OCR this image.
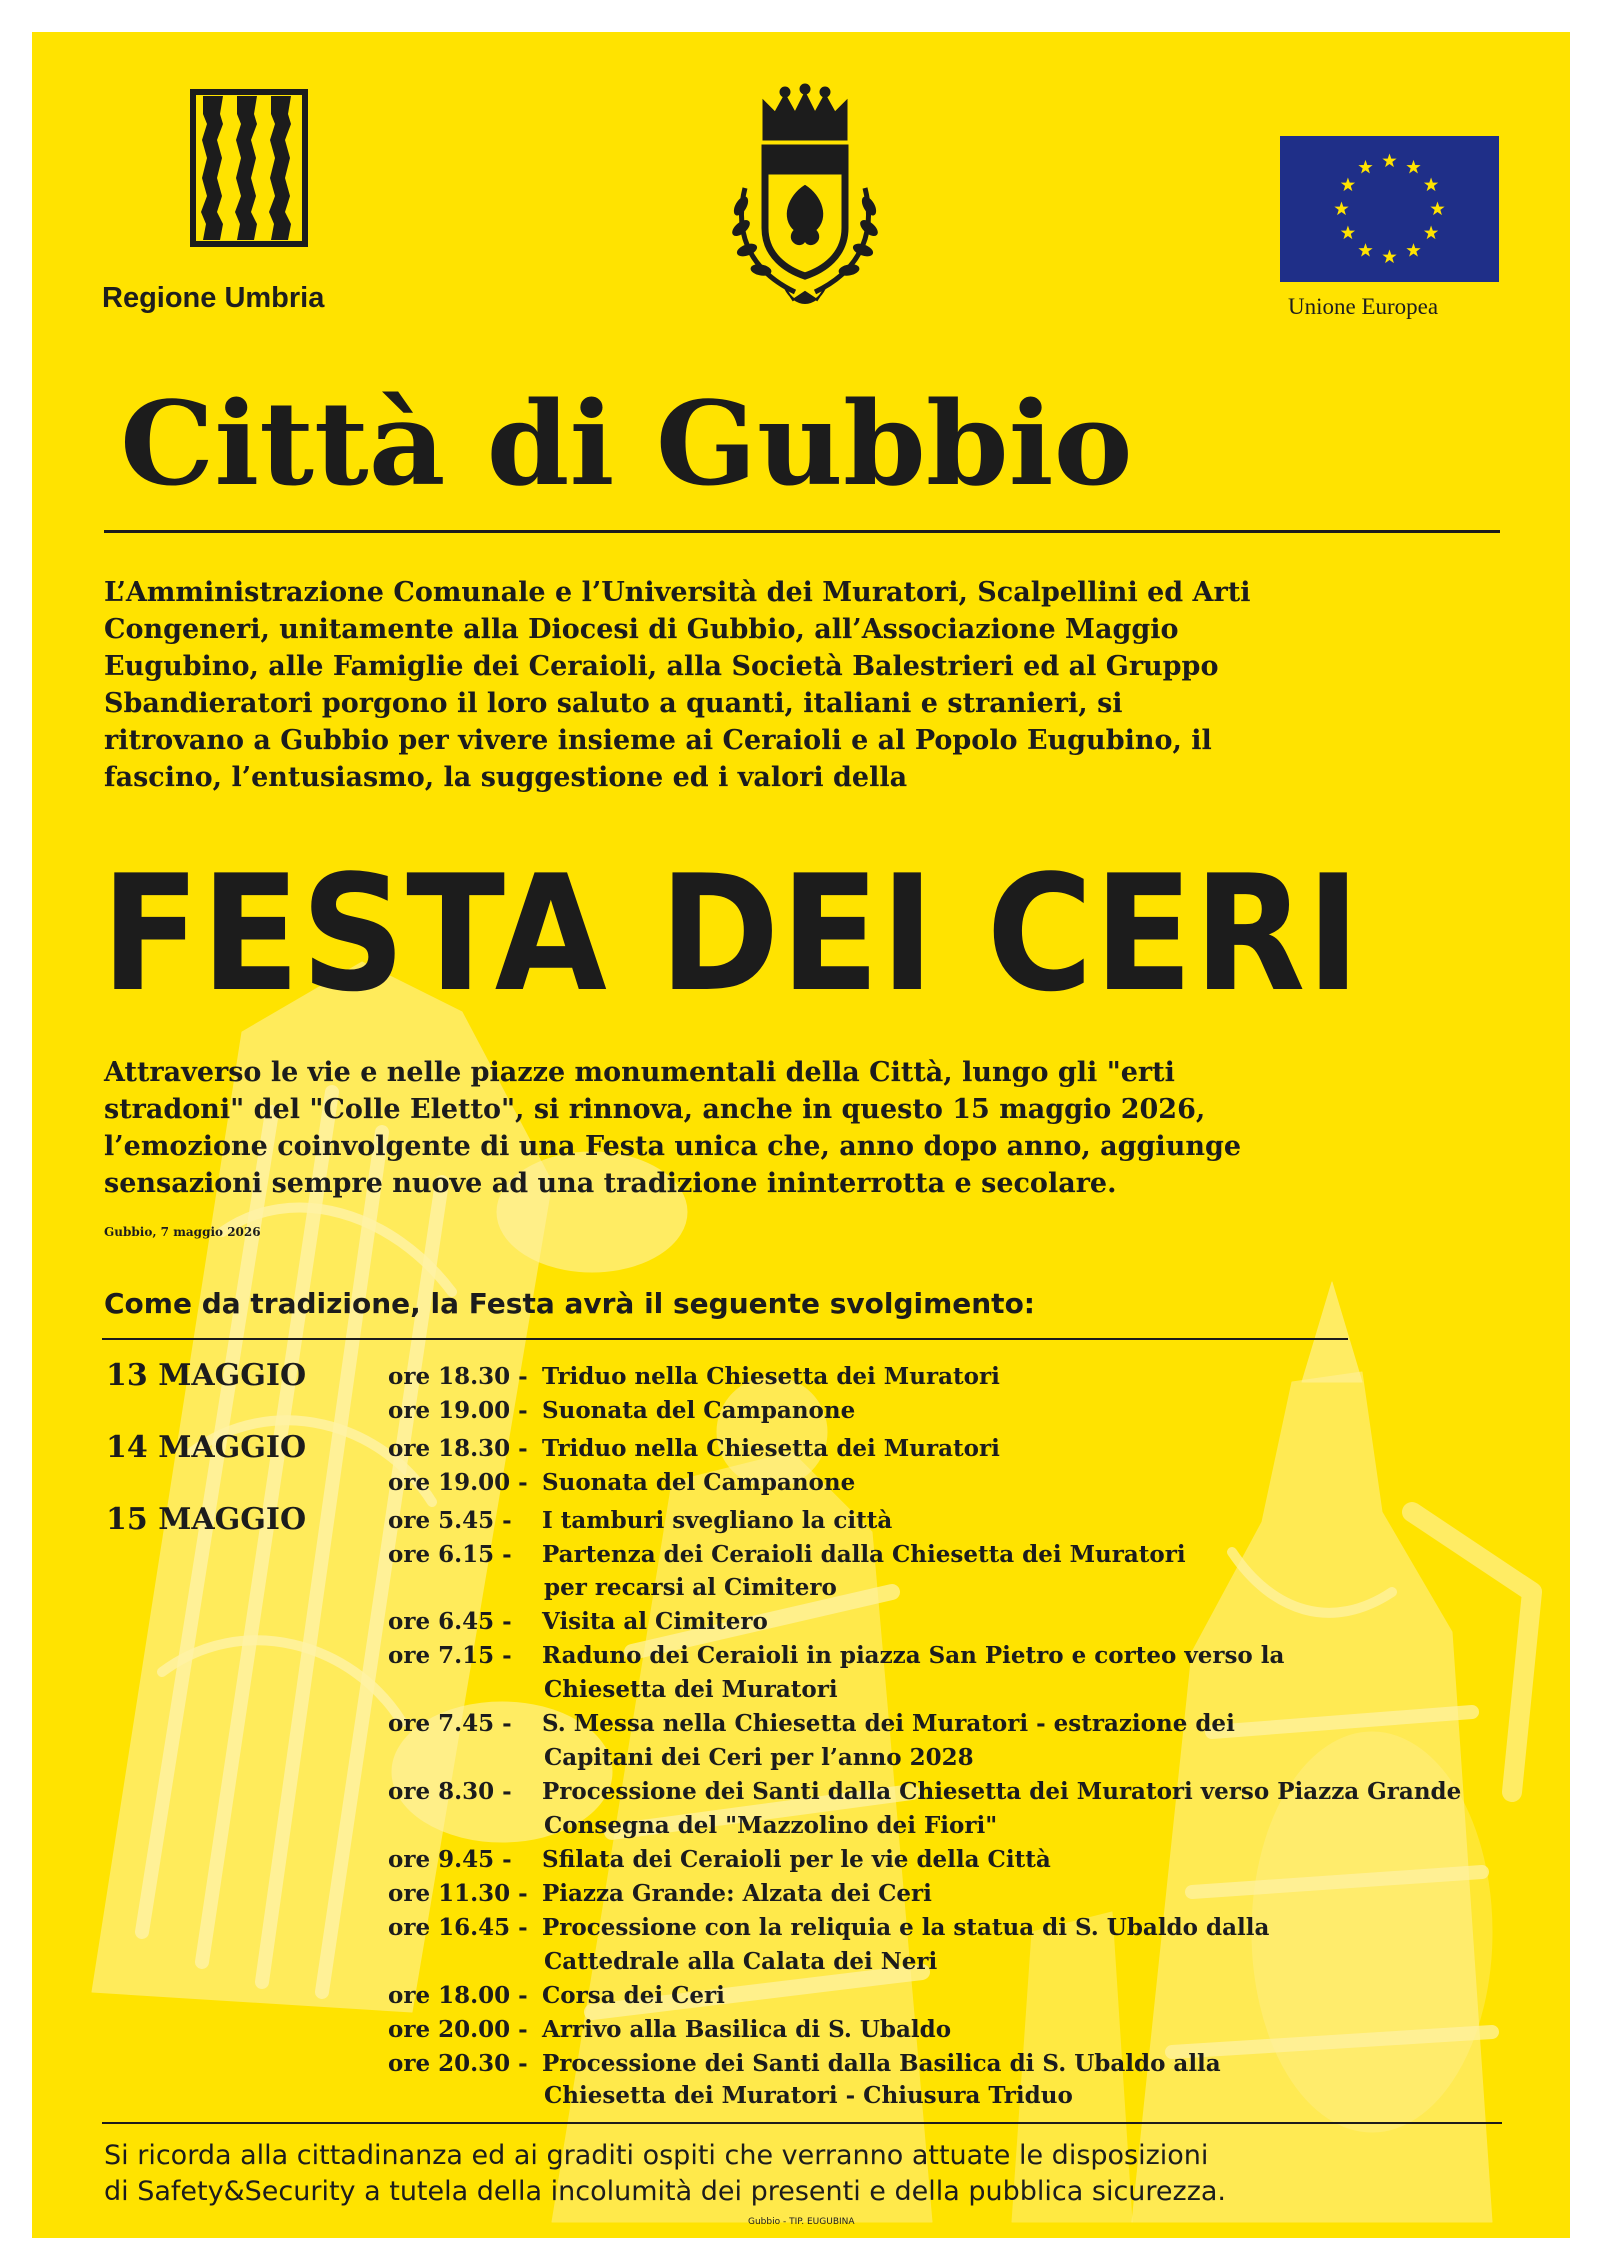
Regione Umbria	Unione Europea
Città di Gubbio

L’Amministrazione Comunale e l’Università dei Muratori, Scalpellini ed Arti
Congeneri, unitamente alla Diocesi di Gubbio, all’Associazione Maggio
Eugubino, alle Famiglie dei Ceraioli, alla Società Balestrieri ed al Gruppo
Sbandieratori porgono il loro saluto a quanti, italiani e stranieri, si
ritrovano a Gubbio per vivere insieme ai Ceraioli e al Popolo Eugubino, il
fascino, l’entusiasmo, la suggestione ed i valori della

FESTA DEI CERI

Attraverso le vie e nelle piazze monumentali della Città, lungo gli "erti
stradoni" del "Colle Eletto", si rinnova, anche in questo 15 maggio 2026,
l’emozione coinvolgente di una Festa unica che, anno dopo anno, aggiunge
sensazioni sempre nuove ad una tradizione ininterrotta e secolare.

Gubbio, 7 maggio 2026
Come da tradizione, la Festa avrà il seguente svolgimento:
13 MAGGIO
14 MAGGIO
15 MAGGIO
ore 18.30 - Triduo nella Chiesetta dei Muratori
ore 19.00 - Suonata del Campanone
ore 18.30 - Triduo nella Chiesetta dei Muratori
ore 19.00 - Suonata del Campanone
ore 5.45 - I tamburi svegliano la città
ore 6.15 - Partenza dei Ceraioli dalla Chiesetta dei Muratori
per recarsi al Cimitero
ore 6.45 - Visita al Cimitero
ore 7.15 - Raduno dei Ceraioli in piazza San Pietro e corteo verso la
Chiesetta dei Muratori
ore 7.45 - S. Messa nella Chiesetta dei Muratori - estrazione dei
Capitani dei Ceri per l’anno 2028
ore 8.30 - Processione dei Santi dalla Chiesetta dei Muratori verso Piazza Grande
Consegna del "Mazzolino dei Fiori"
ore 9.45 - Sfilata dei Ceraioli per le vie della Città
ore 11.30 - Piazza Grande: Alzata dei Ceri
ore 16.45 - Processione con la reliquia e la statua di S. Ubaldo dalla
Cattedrale alla Calata dei Neri
ore 18.00 - Corsa dei Ceri
ore 20.00 - Arrivo alla Basilica di S. Ubaldo
ore 20.30 - Processione dei Santi dalla Basilica di S. Ubaldo alla
Chiesetta dei Muratori - Chiusura Triduo

Si ricorda alla cittadinanza ed ai graditi ospiti che verranno attuate le disposizioni
di Safety&Security a tutela della incolumità dei presenti e della pubblica sicurezza.

Gubbio - TIP. EUGUBINA
